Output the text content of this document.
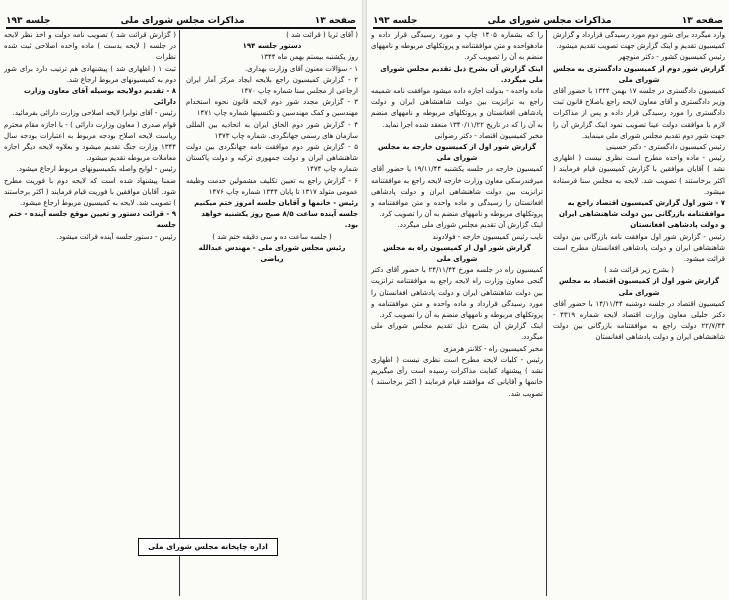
صفحه ۱۳
مذاکرات مجلس شورای ملی
جلسه ۱۹۳

( آقای ثریا ( قرائت شد )

دستور جلسه ۱۹۴

روز یکشنبه بیستم بهمن ماه ۱۳۴۴

۱ - سؤالات معنون آقای وزارت بهداری.

۲ - گزارش کمیسیون راجع بلایحه ایجاد مرکز آمار ایران ارجاعی از مجلس سنا شماره چاپ ۱۴۷۰

۳ - گزارش مجدد شور دوم لایحه قانون نحوه استخدام مهندسین و کمک مهندسین و تکنسینها شماره چاپ ۱۴۷۱

۴ - گزارش شور دوم الحاق ایران به اتحادیه بین المللی سازمان های رسمی جهانگردی. شماره چاپ ۱۴۷۳

۵ - گزارش شور دوم موافقت نامه جهانگردی بین دولت شاهنشاهی ایران و دولت جمهوری ترکیه و دولت پاکستان شماره چاپ ۱۴۷۴

۶ - گزارش راجع به تعیین تکلیف مشمولین خدمت وظیفه عمومی متولد ۱۳۱۷ تا پایان ۱۳۴۴ شماره چاپ ۱۴۷۶

رئیس - خانمها و آقایان جلسه امروز ختم میکنیم جلسه آینده ساعت ۸/۵ صبح روز یکشنبه خواهد بود.

( جلسه ساعت ده و سی دقیقه ختم شد )

رئیس مجلس شورای ملی - مهندس عبدالله ریاضی

( گزارش قرائت شد ) تصویب نامه دولت و اخذ نظر لایحه در جلسه ( لایحه بدست ) ماده واحده اصلاحی ثبت شده نظرات

ثبت ۱ ( اظهاری شد ) پیشنهادی هم ترتیب دارد برای شور دوم به کمیسیونهای مربوط ارجاع شد.

۸ - تقدیم دولایحه بوسیله آقای معاون وزارت دارائی

رئیس - آقای نوابرا لایحه اصلاحی وزارت دارائی بفرمائید.

قوام صدری ( معاون وزارت دارائی ) - با اجازه مقام محترم ریاست لایحه اصلاح بودجه مربوط به اعتبارات بودجه سال ۱۳۴۴ وزارت جنگ تقدیم میشود و بعلاوه لایحه دیگر اجازه معاملات مربوطه تقدیم میشود.

رئیس - لوایح واصله بکمیسیونهای مربوط ارجاع میشود.

ضمنا پیشنهاد شده است که لایحه دوم با فوریت مطرح شود. آقایان موافقین با فوریت قیام فرمایند ( اکثر برخاستند ) تصویب شد. لایحه به کمیسیون مربوط ارجاع میشود.

۹ - قرائت دستور و تعیین موقع جلسه آینده - ختم جلسه

رئیس - دستور جلسه آینده قرائت میشود.

اداره چاپخانه مجلس شورای ملی
صفحه ۱۳
مذاکرات مجلس شورای ملی
جلسه ۱۹۳

وارد میگردد برای شور دوم مورد رسیدگی قرارداد و گزارش کمیسیون تقدیم و اینک گزارش جهت تصویب تقدیم میشود.

رئیس کمیسیون کشور - دکتر منوچهر

گزارش شور دوم از کمیسیون دادگستری به مجلس شورای ملی

کمیسیون دادگستری در جلسه ۱۷ بهمن ۱۳۴۴ با حضور آقای وزیر دادگستری و آقای معاون لایحه راجع باصلاح قانون ثبت دادگستری را مورد رسیدگی قرار داده و پس از مذاکرات لازم با موافقت دولت عینا تصویب نمود اینک گزارش آن را جهت شور دوم تقدیم مجلس شورای ملی مینماید.

رئیس کمیسیون دادگستری - دکتر حسینی

رئیس - ماده واحده مطرح است نظری نیست ( اظهاری نشد ) آقایان موافقین با گزارش کمیسیون قیام فرمایند ( اکثر برخاستند ) تصویب شد. لایحه به مجلس سنا فرستاده میشود.

۷ - شور اول گزارش کمیسیون اقتصاد راجع به موافقتنامه بازرگانی بین دولت شاهنشاهی ایران و دولت پادشاهی افغانستان

رئیس - گزارش شور اول موافقت نامه بازرگانی بین دولت شاهنشاهی ایران و دولت پادشاهی افغانستان مطرح است قرائت میشود.

( بشرح زیر قرائت شد )

گزارش شور اول از کمیسیون اقتصاد به مجلس شورای ملی

کمیسیون اقتصاد در جلسه دوشنبه ۱۴/۱۱/۴۴ با حضور آقای دکتر خلیلی معاون وزارت اقتصاد لایحه شماره ۴۳۱۹ - ۲۲/۷/۴۴ دولت راجع به موافقتنامه بازرگانی بین دولت شاهنشاهی ایران و دولت پادشاهی افغانستان

را که بشماره ۱۴۰۵ چاپ و مورد رسیدگی قرار داده و مادهواحده و متن موافقتنامه و پروتکلهای مربوطه و نامههای منضم به آن را تصویب کرد.

اینک گزارش آن بشرح ذیل تقدیم مجلس شورای ملی میگردد.

ماده واحده - بدولت اجازه داده میشود موافقت نامه شمیمه راجع به ترانزیت بین دولت شاهنشاهی ایران و دولت پادشاهی افغانستان و پروتکلهای مربوطه و نامههای منضم به آن را که در تاریخ ۱۳۴۰/۱۱/۲۲ منعقد شده اجرا نماید.

مخبر کمیسیون اقتصاد - دکتر رضوانی

گزارش شور اول از کمیسیون خارجه به مجلس شورای ملی

کمیسیون خارجه در جلسه یکشنبه ۱۹/۱۱/۴۴ با حضور آقای میرفندرسکی معاون وزارت خارجه لایحه راجع به موافقتنامه ترانزیت بین دولت شاهنشاهی ایران و دولت پادشاهی افغانستان را رسیدگی و ماده واحده و متن موافقتنامه و پروتکلهای مربوطه و نامههای منضم به آن را تصویب کرد.

اینک گزارش آن تقدیم مجلس شورای ملی میگردد.

نایب رئیس کمیسیون خارجه - فولادوند

گزارش شور اول از کمیسیون راه به مجلس شورای ملی

کمیسیون راه در جلسه مورخ ۲۴/۱۱/۴۴ با حضور آقای دکتر گنجی معاون وزارت راه لایحه راجع به موافقتنامه ترانزیت بین دولت شاهنشاهی ایران و دولت پادشاهی افغانستان را مورد رسیدگی قرارداد و ماده واحده و متن موافقتنامه و پروتکلهای مربوطه و نامههای منضم به آن را تصویب کرد.

اینک گزارش آن بشرح ذیل تقدیم مجلس شورای ملی میگردد.

مخبر کمیسیون راه - کلانتر هرمزی

رئیس - کلیات لایحه مطرح است نظری نیست ( اظهاری نشد ) پیشنهاد کفایت مذاکرات رسیده است رأی میگیریم خانمها و آقایانی که موافقند قیام فرمایند ( اکثر برخاستند ) تصویب شد.
